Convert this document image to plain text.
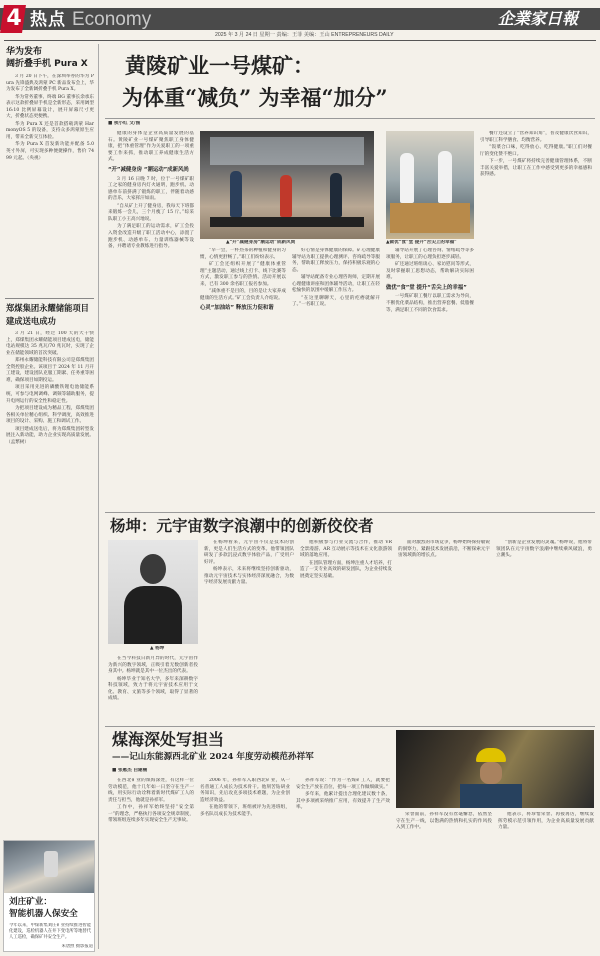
4 热点 Economy
2025 年 3 月 24 日 星期一 责编：王菲 美编：王山 ENTREPRENEURS DAILY
企業家日報
华为发布
阔折叠手机 Pura X

3 月 20 日下午，在深圳举办的华为 Pura 先锋盛典及鸿蒙 PC 新品发布会上，华为发布了全新阔折叠手机 Pura X。

华为常务董事、终端 BG 董事长余承东表示这款折叠屏手机是全新形态，采用阔型 16:10 比例屏幕设计，展开屏幕尺寸更大，折叠状态更便携。

华为 Pura X 还是首款搭载鸿蒙 HarmonyOS 5 的设备，支持众多鸿蒙原生应用，带来全新交互体验。

华为 Pura X 首发新功能并配备 5.0 英寸外屏，可实现多种便捷操作，售价 7499 元起。（央视）

郑煤集团永耀储能项目
建成送电成功

3 月 21 日，经过 100 天的大干快上，郑煤集团永耀储能项目建成送电，储能电站规模达 35 兆瓦/70 兆瓦时，实现了企业在储能领域的首次突破。

郑州永耀储能科技有限公司是郑煤集团全资控股企业。该项目于 2024 年 11 月开工建设，建设团队克服工期紧、任务重等困难，确保项目如期投运。

项目采用先进的磷酸铁锂电池储能系统，可参与电网调峰、调频等辅助服务，提升电网运行的安全性和稳定性。

为把项目建设成为精品工程，郑煤集团各相关单位精心组织、科学调度，高效推进项目的设计、采购、施工和调试工作。

项目建成送电后，将为郑煤集团转型发展注入新动能，助力企业实现高质量发展。（孟繁树）

刘庄矿业：
智能机器人保安全
今年以来，中煤新集刘庄矿业持续推进智能化建设，巡检机器人在井下变电所等地替代人工巡检，确保矿井安全生产。
朱唐煦 摄影报道
黄陵矿业一号煤矿：
为体重“减负” 为幸福“加分”
■ 侯小红 文/图

健康的身体是企业高质量发展的基石。黄陵矿业一号煤矿聚焦职工身体健康，把“体重管理”作为关爱职工的一项重要工作来抓，推动职工养成健康生活方式。

“开”减健身房 “潮运动”成新风尚

3 月 16 日晚 7 时，位于一号煤矿职工之家的健身房内灯火通明，跑步机、动感单车前挤满了锻炼的职工，伴随着动感的音乐，大家挥汗如雨。

“自从矿上开了健身房，我每天下班都来锻炼一会儿，三个月瘦了 15 斤。”综采队职工小王高兴地说。

为了满足职工的运动需求，矿工会投入资金改造升级了职工活动中心，添置了跑步机、动感单车、力量训练器械等设备，并聘请专业教练进行指导。

“早一会，一杯热茶的种植和健身的习惯，心情更舒畅了。”职工们纷纷表示。

矿工会还组织开展了“健康体重管理”主题活动，通过线上打卡、线下比赛等方式，激发职工参与的热情。活动开展以来，已有 300 余名职工报名参加。

“减体重不是目的，目的是让大家养成健康的生活方式。”矿工会负责人介绍说。

心灵“加油站” 释放压力促和谐

好心情是身体健康的保障。矿心理健康辅导站为职工提供心理测评、咨询疏导等服务，帮助职工释放压力，保持积极乐观的心态。

辅导站配备专业心理咨询师，定期开展心理健康讲座和团体辅导活动，让职工在轻松愉快的氛围中缓解工作压力。

“在这里聊聊天，心里的疙瘩就解开了。”一名职工说。

辅导站开展了心理咨询、情绪疏导等多项服务，让职工的心理负担逐步减轻。

矿还通过班组谈心、家访慰问等形式，及时掌握职工思想动态，帮助解决实际困难。

做优“食”堂 提升“舌尖上的幸福”

一号煤矿职工餐厅以职工需求为导向，不断优化菜品结构，推出营养套餐、低脂餐等，满足职工不同的饮食需求。

餐厅还设立了“营养知识角”，普及健康饮食知识，引导职工科学膳食、均衡营养。

“饭菜合口味，吃得放心、吃得健康。”职工们对餐厅的变化赞不绝口。

下一步，一号煤矿将持续完善健康管理体系，不断丰富关爱举措，让职工在工作中感受到更多的幸福感和获得感。

▲“开”减健身房“潮运动”成新风尚	▲做优“食”堂 提升“舌尖上的幸福”
杨坤：元宇宙数字浪潮中的创新佼佼者
▲ 杨坤

在当今科技日新月异的时代，元宇宙作为新兴的数字领域，正吸引着无数创新者投身其中。杨坤就是其中一位杰出的代表。

杨坤毕业于知名大学，多年来深耕数字科技领域，致力于将元宇宙技术应用于文化、教育、文旅等多个领域，取得了显著的成绩。

在杨坤看来，元宇宙不仅是技术的创新，更是人们生活方式的变革。他带领团队研发了多款沉浸式数字体验产品，广受用户好评。

杨坤表示，未来将继续坚持创新驱动，推动元宇宙技术与实体经济深度融合，为数字经济发展贡献力量。

他积极参与行业交流与合作，推动 VR 全景漫游、AR 互动展示等技术在文化旅游领域的落地应用。

在团队管理方面，杨坤注重人才培养，打造了一支专业高效的研发团队，为企业持续发展奠定坚实基础。

面对激烈的市场竞争，杨坤始终保持敏锐的洞察力，紧跟技术发展前沿，不断探索元宇宙领域新的增长点。

“创新是企业发展的灵魂。”杨坤说，他将带领团队在元宇宙数字浪潮中继续乘风破浪，勇立潮头。

煤海深处写担当
——记山东能源西北矿业 2024 年度劳动模范孙祥军
■ 张惠杰 白建楠

在西北矿业的煤海深处，有这样一位劳动模范，他十几年如一日坚守在生产一线，用实际行动诠释着新时代煤矿工人的责任与担当，他就是孙祥军。

工作中，孙祥军始终坚持“安全第一”的理念，严格执行各项安全规章制度，带领班组连续多年实现安全生产无事故。

2006 年，孙祥军入职西北矿业，从一名普通工人成长为技术骨干。他刻苦钻研业务知识，先后攻克多项技术难题，为企业创造经济效益。

在他的带领下，班组被评为先进班组，多名队员成长为技术能手。

孙祥军说：“作为一名煤矿工人，就要把安全生产放在首位，把每一项工作做细做实。”

多年来，他累计提出合理化建议数十条，其中多项被采纳推广应用，有效提升了生产效率。

荣誉面前，孙祥军没有丝毫懈怠，依然坚守在生产一线，以饱满的热情和扎实的作风投入到工作中。

他表示，将珍惜荣誉、再接再厉，继续发挥劳模示范引领作用，为企业高质量发展贡献力量。
